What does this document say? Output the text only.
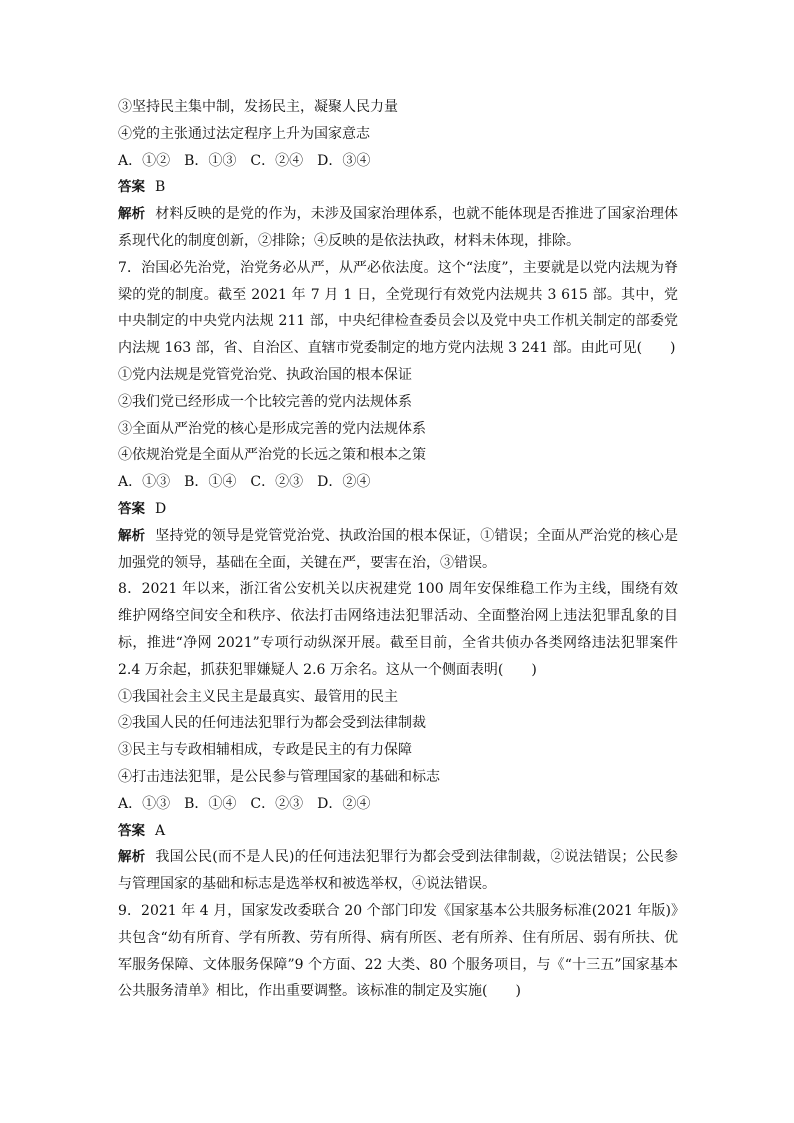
③坚持民主集中制，发扬民主，凝聚人民力量
④党的主张通过法定程序上升为国家意志
A．①②　B．①③　C．②④　D．③④
答案 B
解析 材料反映的是党的作为，未涉及国家治理体系，也就不能体现是否推进了国家治理体系现代化的制度创新，②排除；④反映的是依法执政，材料未体现，排除。
7．治国必先治党，治党务必从严，从严必依法度。这个“法度”，主要就是以党内法规为脊梁的党的制度。截至 2021 年 7 月 1 日，全党现行有效党内法规共 3 615 部。其中，党中央制定的中央党内法规 211 部，中央纪律检查委员会以及党中央工作机关制定的部委党内法规 163 部，省、自治区、直辖市党委制定的地方党内法规 3 241 部。由此可见(　　)
①党内法规是党管党治党、执政治国的根本保证
②我们党已经形成一个比较完善的党内法规体系
③全面从严治党的核心是形成完善的党内法规体系
④依规治党是全面从严治党的长远之策和根本之策
A．①③　B．①④　C．②③　D．②④
答案 D
解析 坚持党的领导是党管党治党、执政治国的根本保证，①错误；全面从严治党的核心是加强党的领导，基础在全面，关键在严，要害在治，③错误。
8．2021 年以来，浙江省公安机关以庆祝建党 100 周年安保维稳工作为主线，围绕有效维护网络空间安全和秩序、依法打击网络违法犯罪活动、全面整治网上违法犯罪乱象的目标，推进“净网 2021”专项行动纵深开展。截至目前，全省共侦办各类网络违法犯罪案件 2.4 万余起，抓获犯罪嫌疑人 2.6 万余名。这从一个侧面表明(　　)
①我国社会主义民主是最真实、最管用的民主
②我国人民的任何违法犯罪行为都会受到法律制裁
③民主与专政相辅相成，专政是民主的有力保障
④打击违法犯罪，是公民参与管理国家的基础和标志
A．①③　B．①④　C．②③　D．②④
答案 A
解析 我国公民(而不是人民)的任何违法犯罪行为都会受到法律制裁，②说法错误；公民参与管理国家的基础和标志是选举权和被选举权，④说法错误。
9．2021 年 4 月，国家发改委联合 20 个部门印发《国家基本公共服务标准(2021 年版)》共包含“幼有所育、学有所教、劳有所得、病有所医、老有所养、住有所居、弱有所扶、优军服务保障、文体服务保障”9 个方面、22 大类、80 个服务项目，与《“十三五”国家基本公共服务清单》相比，作出重要调整。该标准的制定及实施(　　)
